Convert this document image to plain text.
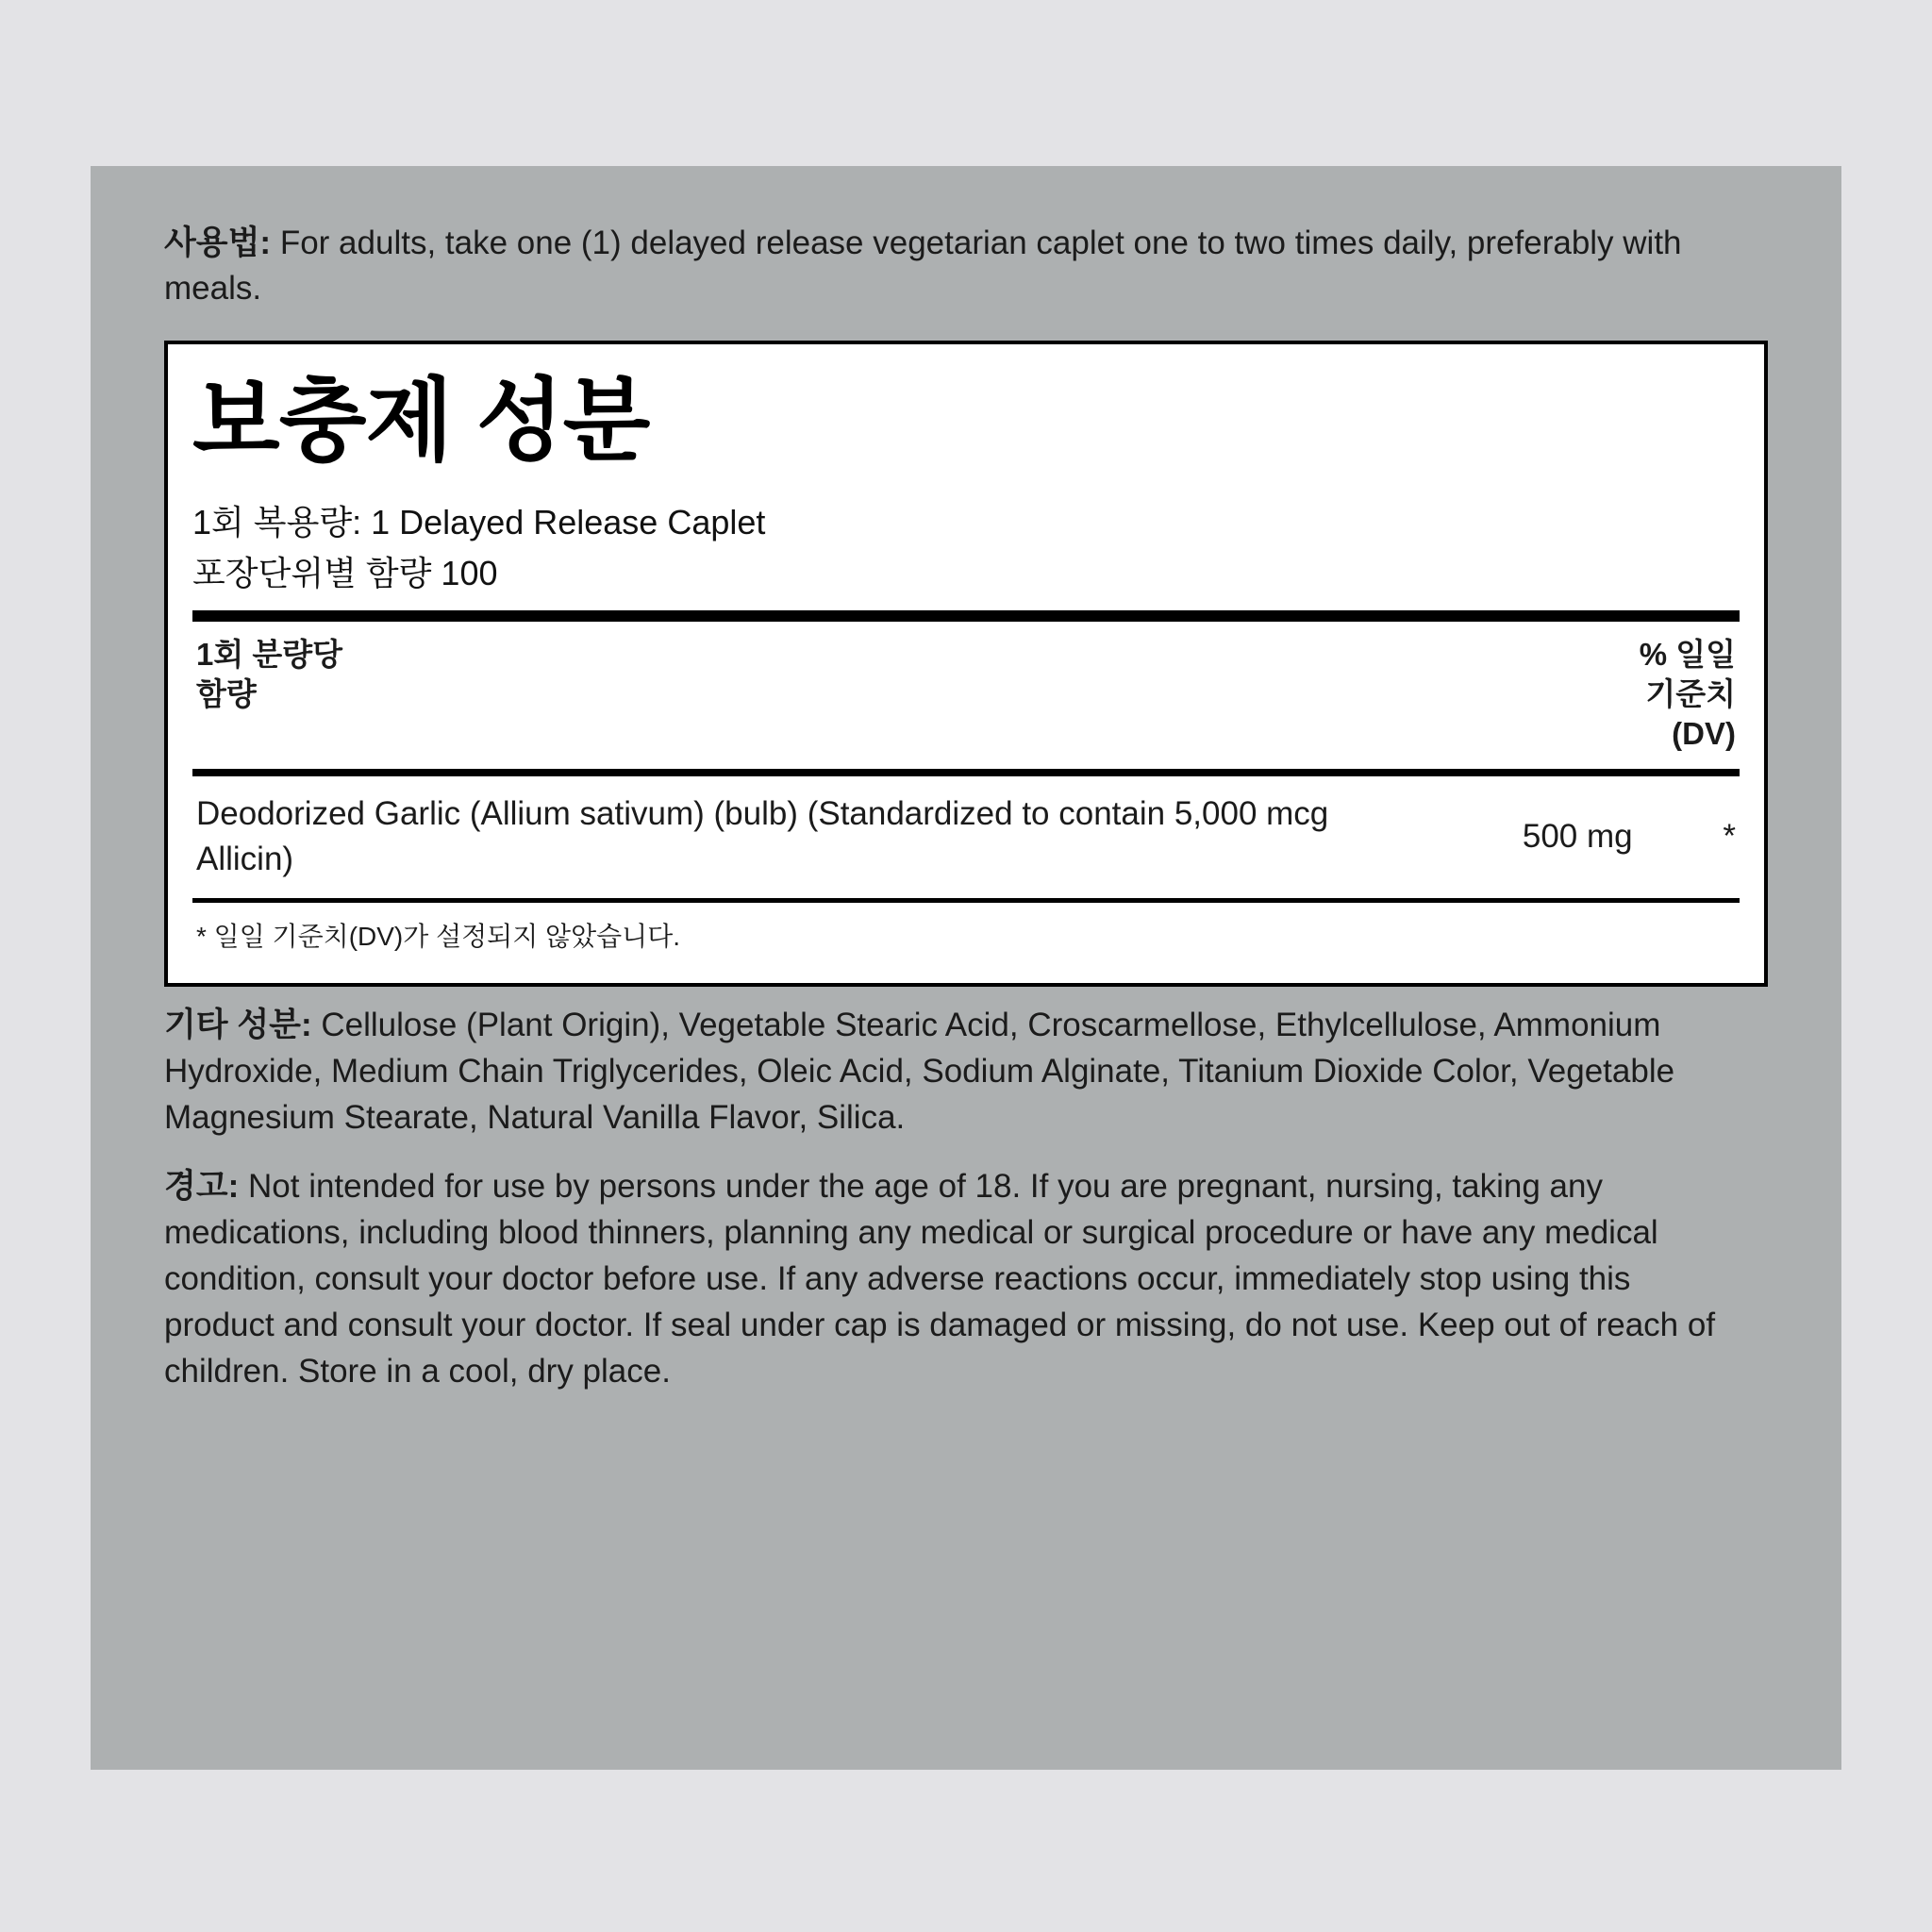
사용법: For adults, take one (1) delayed release vegetarian caplet one to two times daily, preferably with meals.

보충제 성분
1회 복용량: 1 Delayed Release Caplet
포장단위별 함량 100
1회 분량당
함량
% 일일
기준치
(DV)
Deodorized Garlic (Allium sativum) (bulb) (Standardized to contain 5,000 mcg Allicin)
500 mg	*
* 일일 기준치(DV)가 설정되지 않았습니다.

기타 성분: Cellulose (Plant Origin), Vegetable Stearic Acid, Croscarmellose, Ethylcellulose, Ammonium Hydroxide, Medium Chain Triglycerides, Oleic Acid, Sodium Alginate, Titanium Dioxide Color, Vegetable Magnesium Stearate, Natural Vanilla Flavor, Silica.

경고: Not intended for use by persons under the age of 18. If you are pregnant, nursing, taking any medications, including blood thinners, planning any medical or surgical procedure or have any medical condition, consult your doctor before use. If any adverse reactions occur, immediately stop using this product and consult your doctor. If seal under cap is damaged or missing, do not use. Keep out of reach of children. Store in a cool, dry place.
